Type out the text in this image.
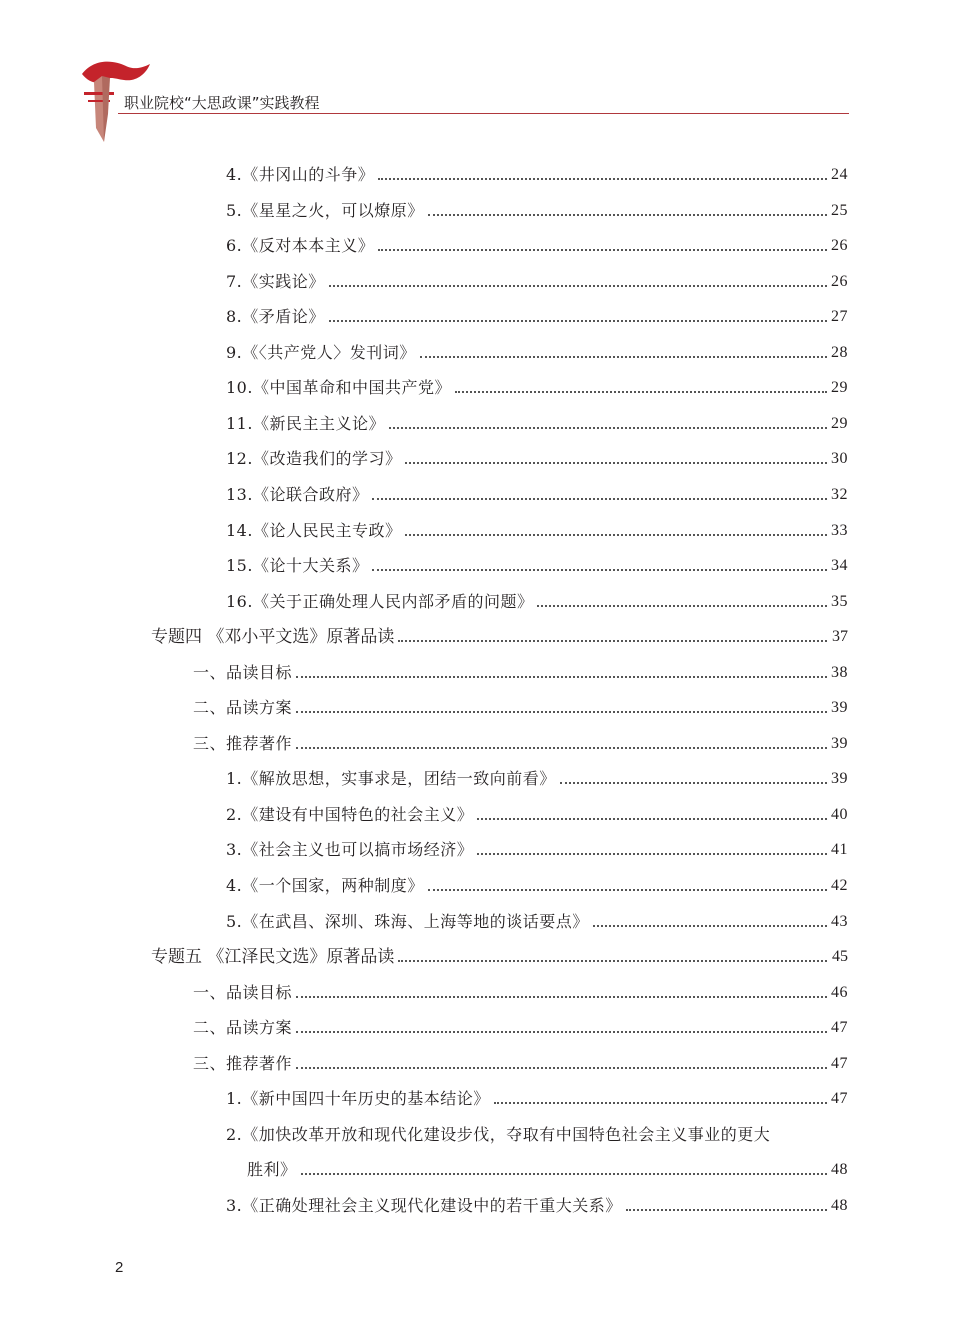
职业院校“大思政课”实践教程
4.《井冈山的斗争》	24
5.《星星之火，可以燎原》	25
6.《反对本本主义》	26
7.《实践论》	26
8.《矛盾论》	27
9.《〈共产党人〉发刊词》	28
10.《中国革命和中国共产党》	29
11.《新民主主义论》	29
12.《改造我们的学习》	30
13.《论联合政府》	32
14.《论人民民主专政》	33
15.《论十大关系》	34
16.《关于正确处理人民内部矛盾的问题》	35
专题四 《邓小平文选》原著品读	37
一、品读目标	38
二、品读方案	39
三、推荐著作	39
1.《解放思想，实事求是，团结一致向前看》	39
2.《建设有中国特色的社会主义》	40
3.《社会主义也可以搞市场经济》	41
4.《一个国家，两种制度》	42
5.《在武昌、深圳、珠海、上海等地的谈话要点》	43
专题五 《江泽民文选》原著品读	45
一、品读目标	46
二、品读方案	47
三、推荐著作	47
1.《新中国四十年历史的基本结论》	47
2.《加快改革开放和现代化建设步伐，夺取有中国特色社会主义事业的更大
胜利》	48
3.《正确处理社会主义现代化建设中的若干重大关系》	48
2
